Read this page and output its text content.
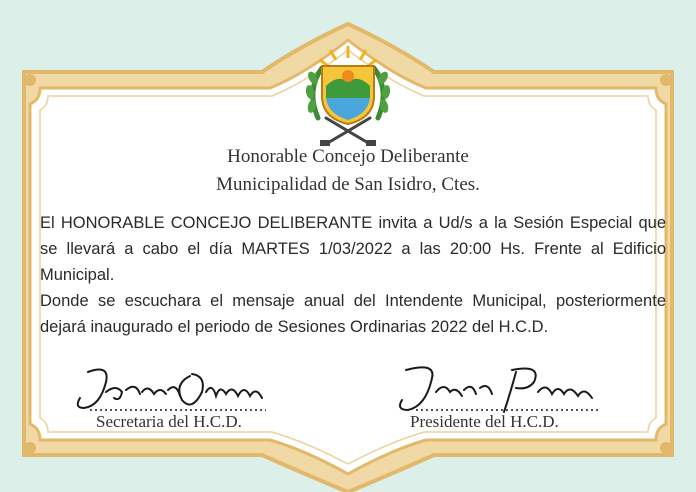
Honorable Concejo Deliberante
Municipalidad de San Isidro, Ctes.

El HONORABLE CONCEJO DELIBERANTE invita a Ud/s a la Sesión Especial que se llevará a cabo el día MARTES 1/03/2022 a las 20:00 Hs. Frente al Edificio Municipal.

Donde se escuchara el mensaje anual del Intendente Municipal, posteriormente dejará inaugurado el periodo de Sesiones Ordinarias 2022 del H.C.D.

Secretaria del H.C.D.	Presidente del H.C.D.
